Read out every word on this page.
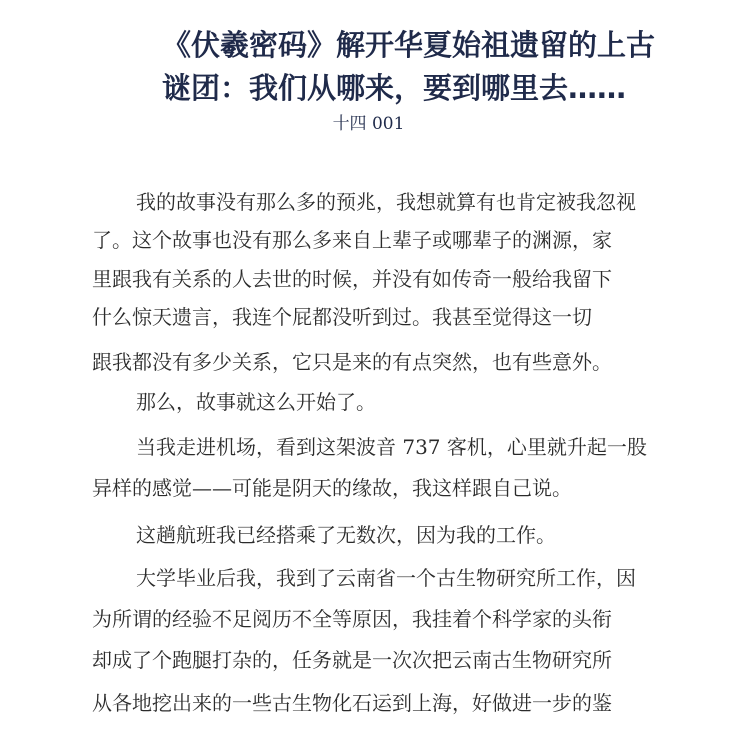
《伏羲密码》解开华夏始祖遗留的上古
谜团：我们从哪来，要到哪里去……
十四 001
我的故事没有那么多的预兆，我想就算有也肯定被我忽视
了。这个故事也没有那么多来自上辈子或哪辈子的渊源，家
里跟我有关系的人去世的时候，并没有如传奇一般给我留下
什么惊天遗言，我连个屁都没听到过。我甚至觉得这一切
跟我都没有多少关系，它只是来的有点突然，也有些意外。
那么，故事就这么开始了。
当我走进机场，看到这架波音 737 客机，心里就升起一股
异样的感觉——可能是阴天的缘故，我这样跟自己说。
这趟航班我已经搭乘了无数次，因为我的工作。
大学毕业后我，我到了云南省一个古生物研究所工作，因
为所谓的经验不足阅历不全等原因，我挂着个科学家的头衔
却成了个跑腿打杂的，任务就是一次次把云南古生物研究所
从各地挖出来的一些古生物化石运到上海，好做进一步的鉴
